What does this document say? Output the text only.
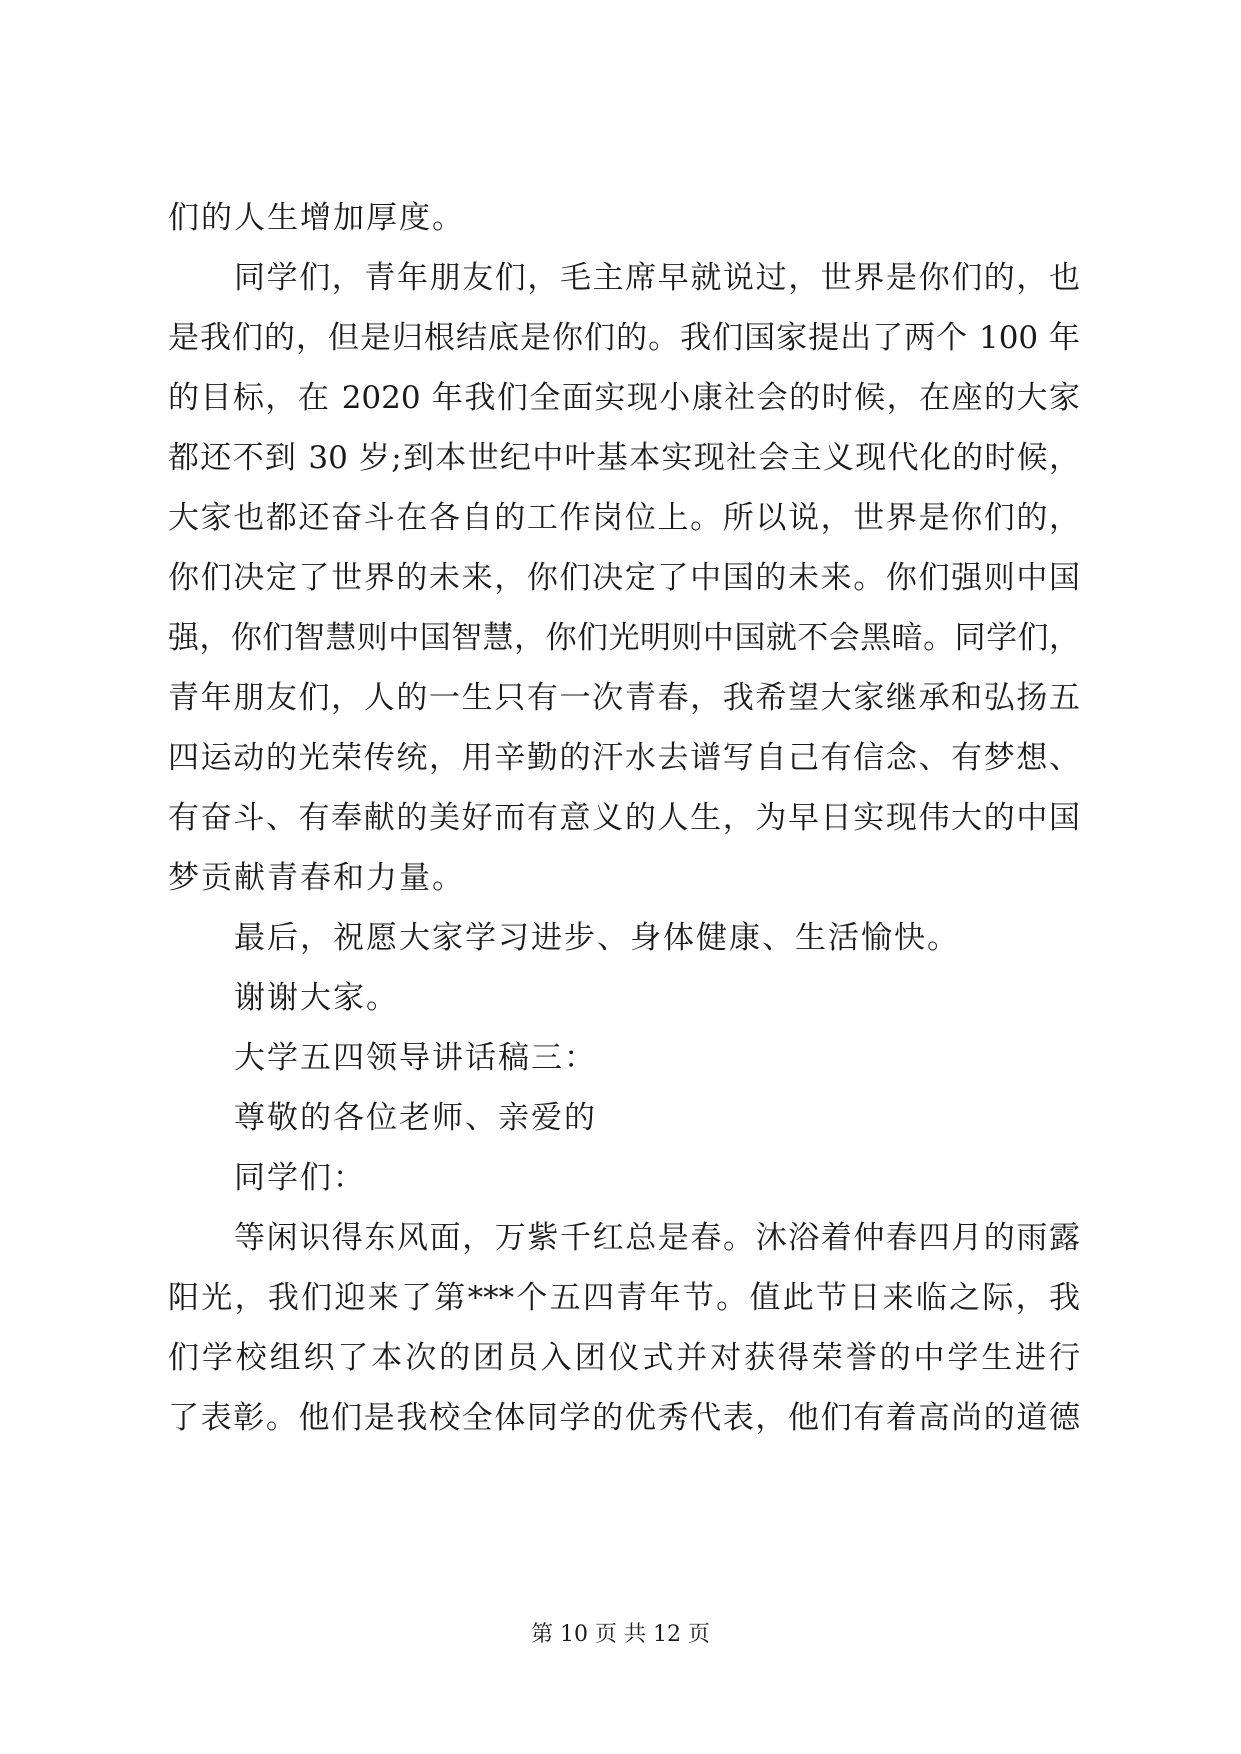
们的人生增加厚度。
同学们，青年朋友们，毛主席早就说过，世界是你们的，也
是我们的，但是归根结底是你们的。我们国家提出了两个 100 年
的目标，在 2020 年我们全面实现小康社会的时候，在座的大家
都还不到 30 岁;到本世纪中叶基本实现社会主义现代化的时候，
大家也都还奋斗在各自的工作岗位上。所以说，世界是你们的，
你们决定了世界的未来，你们决定了中国的未来。你们强则中国
强，你们智慧则中国智慧，你们光明则中国就不会黑暗。同学们，
青年朋友们，人的一生只有一次青春，我希望大家继承和弘扬五
四运动的光荣传统，用辛勤的汗水去谱写自己有信念、有梦想、
有奋斗、有奉献的美好而有意义的人生，为早日实现伟大的中国
梦贡献青春和力量。
最后，祝愿大家学习进步、身体健康、生活愉快。
谢谢大家。
大学五四领导讲话稿三：
尊敬的各位老师、亲爱的
同学们：
等闲识得东风面，万紫千红总是春。沐浴着仲春四月的雨露
阳光，我们迎来了第***个五四青年节。值此节日来临之际，我
们学校组织了本次的团员入团仪式并对获得荣誉的中学生进行
了表彰。他们是我校全体同学的优秀代表，他们有着高尚的道德
第 10 页 共 12 页
